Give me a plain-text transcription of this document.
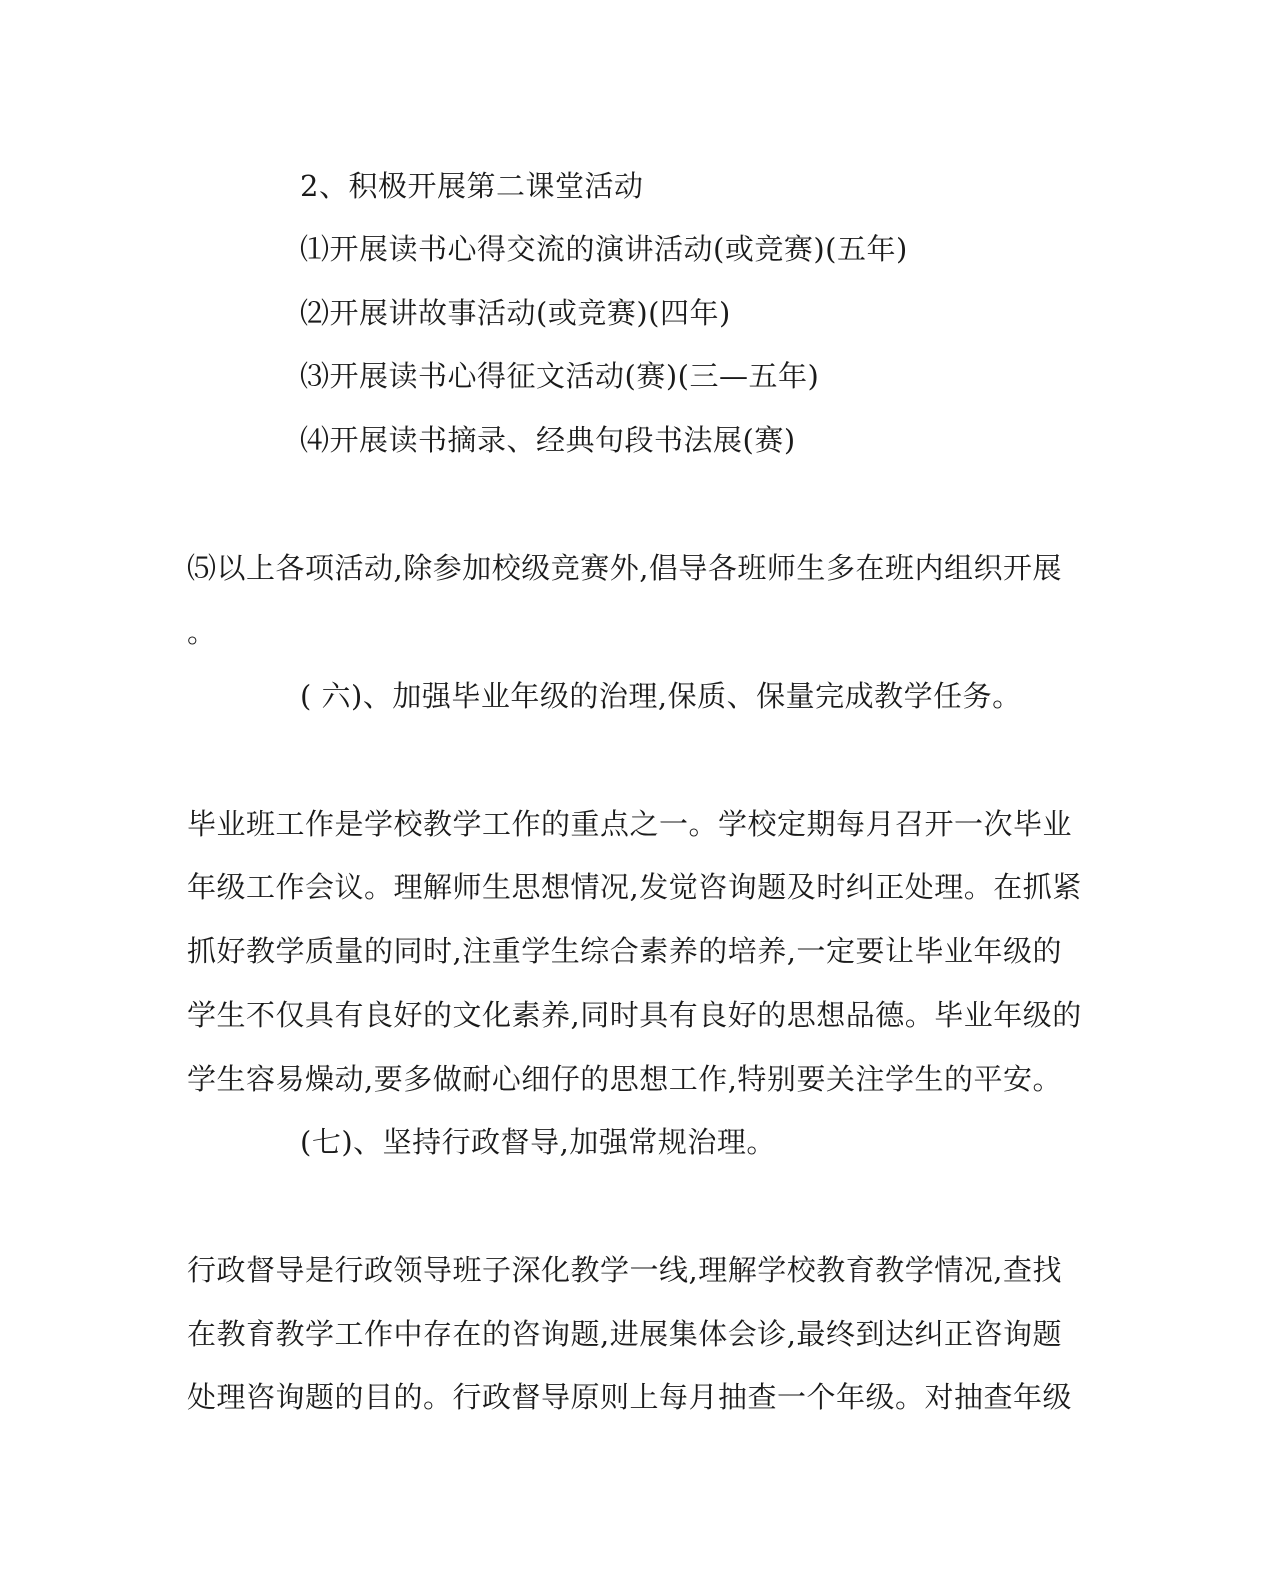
2、积极开展第二课堂活动
⑴开展读书心得交流的演讲活动(或竞赛)(五年)
⑵开展讲故事活动(或竞赛)(四年)
⑶开展读书心得征文活动(赛)(三—五年)
⑷开展读书摘录、经典句段书法展(赛)
⑸以上各项活动,除参加校级竞赛外,倡导各班师生多在班内组织开展
。
( 六)、加强毕业年级的治理,保质、保量完成教学任务。
毕业班工作是学校教学工作的重点之一。学校定期每月召开一次毕业
年级工作会议。理解师生思想情况,发觉咨询题及时纠正处理。在抓紧
抓好教学质量的同时,注重学生综合素养的培养,一定要让毕业年级的
学生不仅具有良好的文化素养,同时具有良好的思想品德。毕业年级的
学生容易燥动,要多做耐心细仔的思想工作,特别要关注学生的平安。
(七)、坚持行政督导,加强常规治理。
行政督导是行政领导班子深化教学一线,理解学校教育教学情况,查找
在教育教学工作中存在的咨询题,进展集体会诊,最终到达纠正咨询题
处理咨询题的目的。行政督导原则上每月抽查一个年级。对抽查年级
